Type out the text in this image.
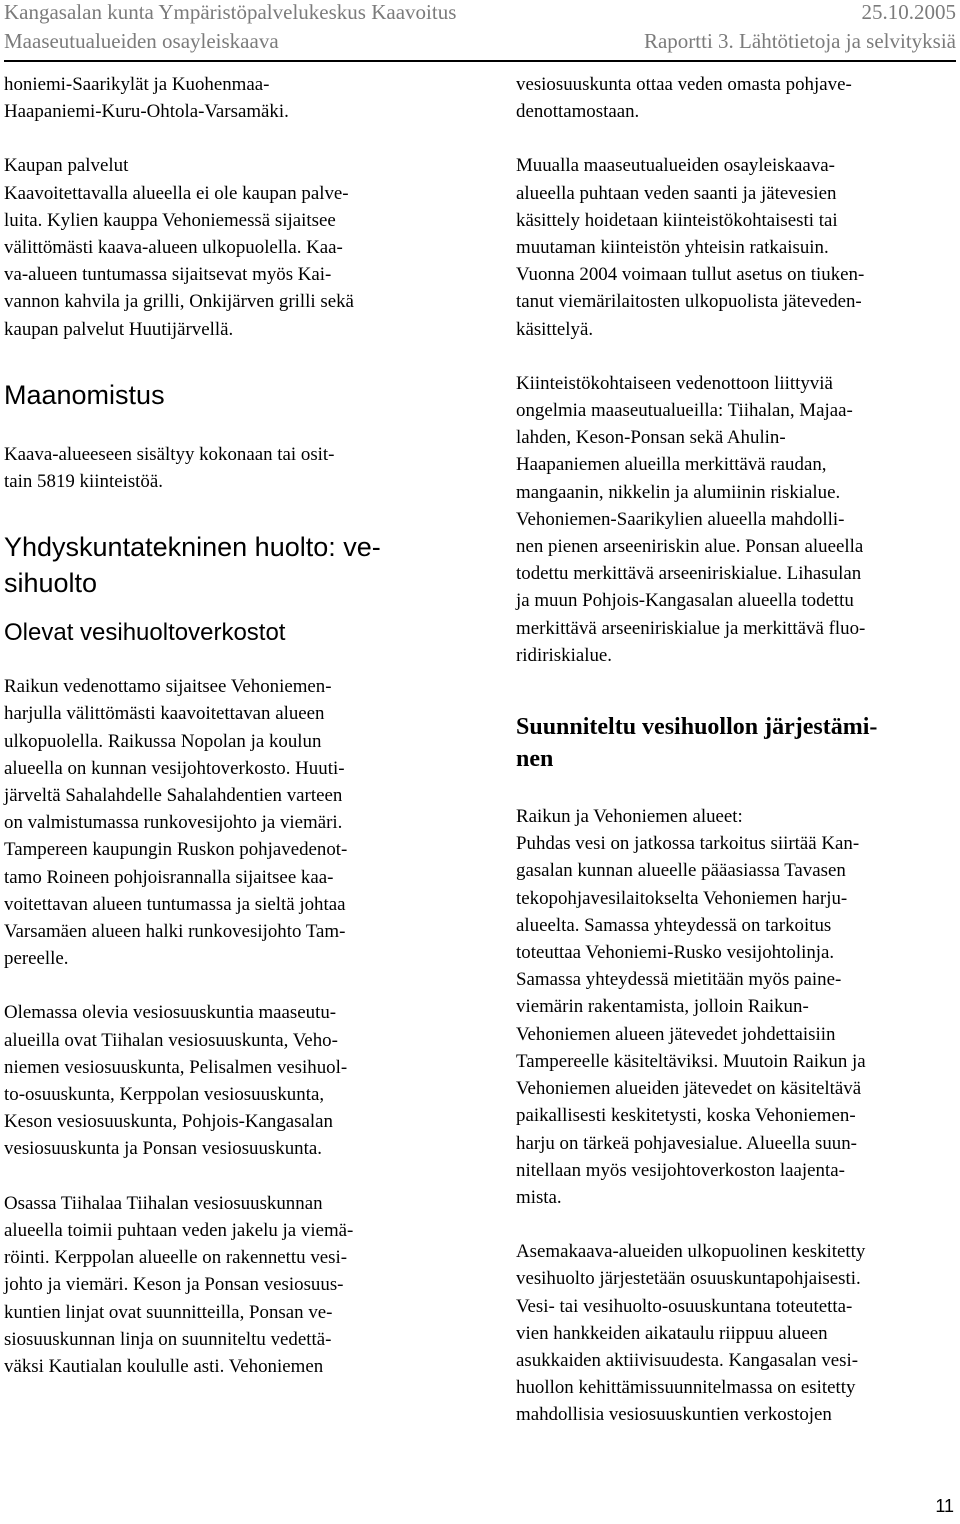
Kangasalan kunta Ympäristöpalvelukeskus Kaavoitus	25.10.2005
Maaseutualueiden osayleiskaava	Raportti 3. Lähtötietoja ja selvityksiä

honiemi-Saarikylät ja Kuohenmaa-
Haapaniemi-Kuru-Ohtola-Varsamäki.

Kaupan palvelut
Kaavoitettavalla alueella ei ole kaupan palve-
luita. Kylien kauppa Vehoniemessä sijaitsee
välittömästi kaava-alueen ulkopuolella. Kaa-
va-alueen tuntumassa sijaitsevat myös Kai-
vannon kahvila ja grilli, Onkijärven grilli sekä
kaupan palvelut Huutijärvellä.

Maanomistus

Kaava-alueeseen sisältyy kokonaan tai osit-
tain 5819 kiinteistöä.

Yhdyskuntatekninen huolto: ve-
sihuolto
Olevat vesihuoltoverkostot

Raikun vedenottamo sijaitsee Vehoniemen-
harjulla välittömästi kaavoitettavan alueen
ulkopuolella. Raikussa Nopolan ja koulun
alueella on kunnan vesijohtoverkosto. Huuti-
järveltä Sahalahdelle Sahalahdentien varteen
on valmistumassa runkovesijohto ja viemäri.
Tampereen kaupungin Ruskon pohjavedenot-
tamo Roineen pohjoisrannalla sijaitsee kaa-
voitettavan alueen tuntumassa ja sieltä johtaa
Varsamäen alueen halki runkovesijohto Tam-
pereelle.

Olemassa olevia vesiosuuskuntia maaseutu-
alueilla ovat Tiihalan vesiosuuskunta, Veho-
niemen vesiosuuskunta, Pelisalmen vesihuol-
to-osuuskunta, Kerppolan vesiosuuskunta,
Keson vesiosuuskunta, Pohjois-Kangasalan
vesiosuuskunta ja Ponsan vesiosuuskunta.

Osassa Tiihalaa Tiihalan vesiosuuskunnan
alueella toimii puhtaan veden jakelu ja viemä-
röinti. Kerppolan alueelle on rakennettu vesi-
johto ja viemäri. Keson ja Ponsan vesiosuus-
kuntien linjat ovat suunnitteilla, Ponsan ve-
siosuuskunnan linja on suunniteltu vedettä-
väksi Kautialan koululle asti. Vehoniemen

vesiosuuskunta ottaa veden omasta pohjave-
denottamostaan.

Muualla maaseutualueiden osayleiskaava-
alueella puhtaan veden saanti ja jätevesien
käsittely hoidetaan kiinteistökohtaisesti tai
muutaman kiinteistön yhteisin ratkaisuin.
Vuonna 2004 voimaan tullut asetus on tiuken-
tanut viemärilaitosten ulkopuolista jäteveden-
käsittelyä.

Kiinteistökohtaiseen vedenottoon liittyviä
ongelmia maaseutualueilla: Tiihalan, Majaa-
lahden, Keson-Ponsan sekä Ahulin-
Haapaniemen alueilla merkittävä raudan,
mangaanin, nikkelin ja alumiinin riskialue.
Vehoniemen-Saarikylien alueella mahdolli-
nen pienen arseeniriskin alue. Ponsan alueella
todettu merkittävä arseeniriskialue. Lihasulan
ja muun Pohjois-Kangasalan alueella todettu
merkittävä arseeniriskialue ja merkittävä fluo-
ridiriskialue.

Suunniteltu vesihuollon järjestämi-
nen

Raikun ja Vehoniemen alueet:
Puhdas vesi on jatkossa tarkoitus siirtää Kan-
gasalan kunnan alueelle pääasiassa Tavasen
tekopohjavesilaitokselta Vehoniemen harju-
alueelta. Samassa yhteydessä on tarkoitus
toteuttaa Vehoniemi-Rusko vesijohtolinja.
Samassa yhteydessä mietitään myös paine-
viemärin rakentamista, jolloin Raikun-
Vehoniemen alueen jätevedet johdettaisiin
Tampereelle käsiteltäviksi. Muutoin Raikun ja
Vehoniemen alueiden jätevedet on käsiteltävä
paikallisesti keskitetysti, koska Vehoniemen-
harju on tärkeä pohjavesialue. Alueella suun-
nitellaan myös vesijohtoverkoston laajenta-
mista.

Asemakaava-alueiden ulkopuolinen keskitetty
vesihuolto järjestetään osuuskuntapohjaisesti.
Vesi- tai vesihuolto-osuuskuntana toteutetta-
vien hankkeiden aikataulu riippuu alueen
asukkaiden aktiivisuudesta. Kangasalan vesi-
huollon kehittämissuunnitelmassa on esitetty
mahdollisia vesiosuuskuntien verkostojen

11
